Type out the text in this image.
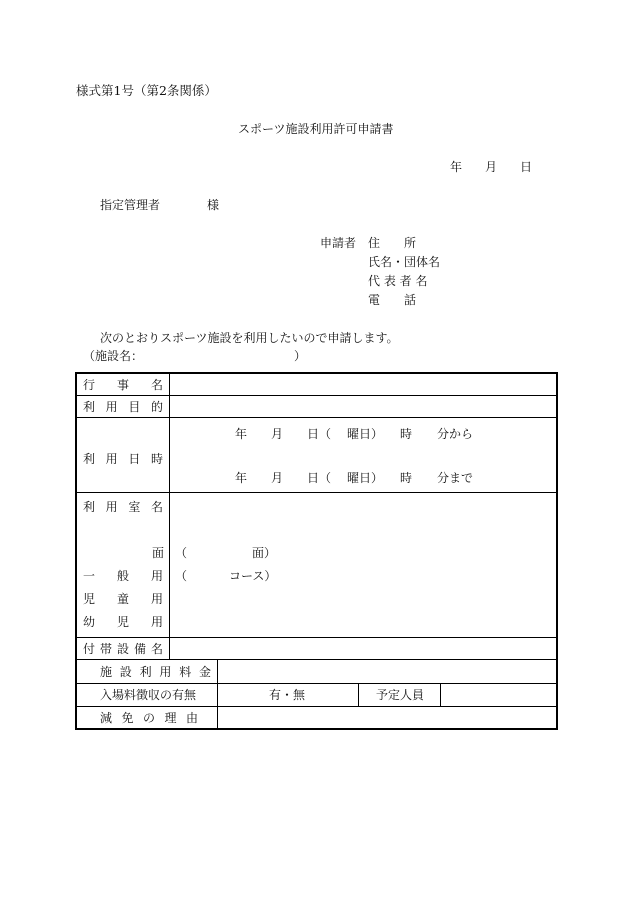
様式第1号（第2条関係）
スポーツ施設利用許可申請書
年 月 日
指定管理者	様
申請者 住　　所
氏名・団体名
代 表 者 名
電　　話
次のとおりスポーツ施設を利用したいので申請します。
（施設名：	）
行 事 名
利 用 目 的
利 用 日 時
年 月 日（ 曜日） 時 分から
年 月 日（ 曜日） 時 分まで
利 用 室 名
面 （	面）
一 般 用 （	コース）
児 童 用
幼 児 用
付 帯 設 備 名
施 設 利 用 料 金
入場料徴収の有無	有・無	予定人員
減 免 の 理 由
